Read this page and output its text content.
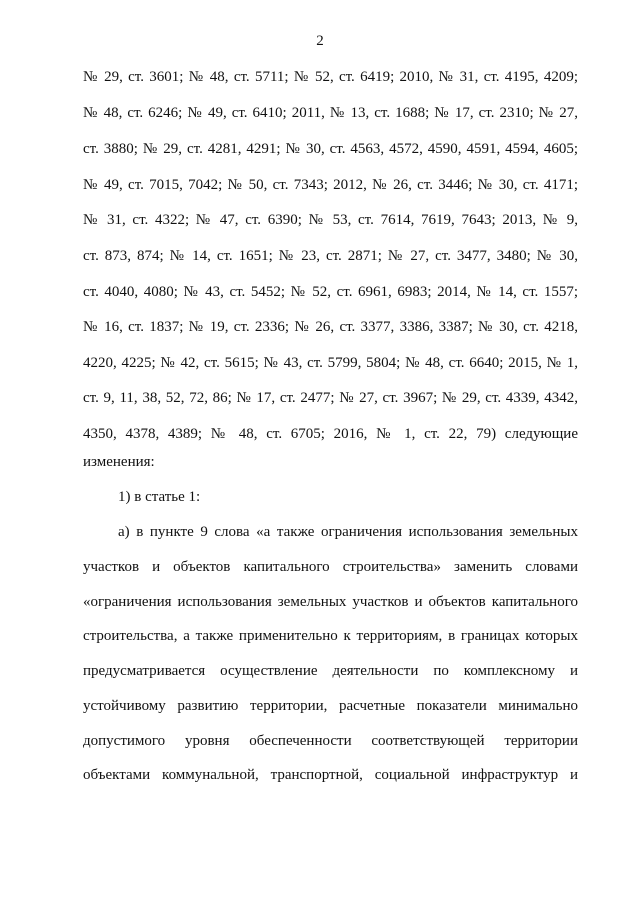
2
№ 29, ст. 3601; № 48, ст. 5711; № 52, ст. 6419; 2010, № 31, ст. 4195, 4209;
№ 48, ст. 6246; № 49, ст. 6410; 2011, № 13, ст. 1688; № 17, ст. 2310; № 27,
ст. 3880; № 29, ст. 4281, 4291; № 30, ст. 4563, 4572, 4590, 4591, 4594, 4605;
№ 49, ст. 7015, 7042; № 50, ст. 7343; 2012, № 26, ст. 3446; № 30, ст. 4171;
№ 31, ст. 4322; № 47, ст. 6390; № 53, ст. 7614, 7619, 7643; 2013, № 9,
ст. 873, 874; № 14, ст. 1651; № 23, ст. 2871; № 27, ст. 3477, 3480; № 30,
ст. 4040, 4080; № 43, ст. 5452; № 52, ст. 6961, 6983; 2014, № 14, ст. 1557;
№ 16, ст. 1837; № 19, ст. 2336; № 26, ст. 3377, 3386, 3387; № 30, ст. 4218,
4220, 4225; № 42, ст. 5615; № 43, ст. 5799, 5804; № 48, ст. 6640; 2015, № 1,
ст. 9, 11, 38, 52, 72, 86; № 17, ст. 2477; № 27, ст. 3967; № 29, ст. 4339, 4342,
4350, 4378, 4389; № 48, ст. 6705; 2016, № 1, ст. 22, 79) следующие
изменения:
1) в статье 1:
а) в пункте 9 слова «а также ограничения использования земельных
участков и объектов капитального строительства» заменить словами
«ограничения использования земельных участков и объектов капитального
строительства, а также применительно к территориям, в границах которых
предусматривается осуществление деятельности по комплексному и
устойчивому развитию территории, расчетные показатели минимально
допустимого уровня обеспеченности соответствующей территории
объектами коммунальной, транспортной, социальной инфраструктур и
